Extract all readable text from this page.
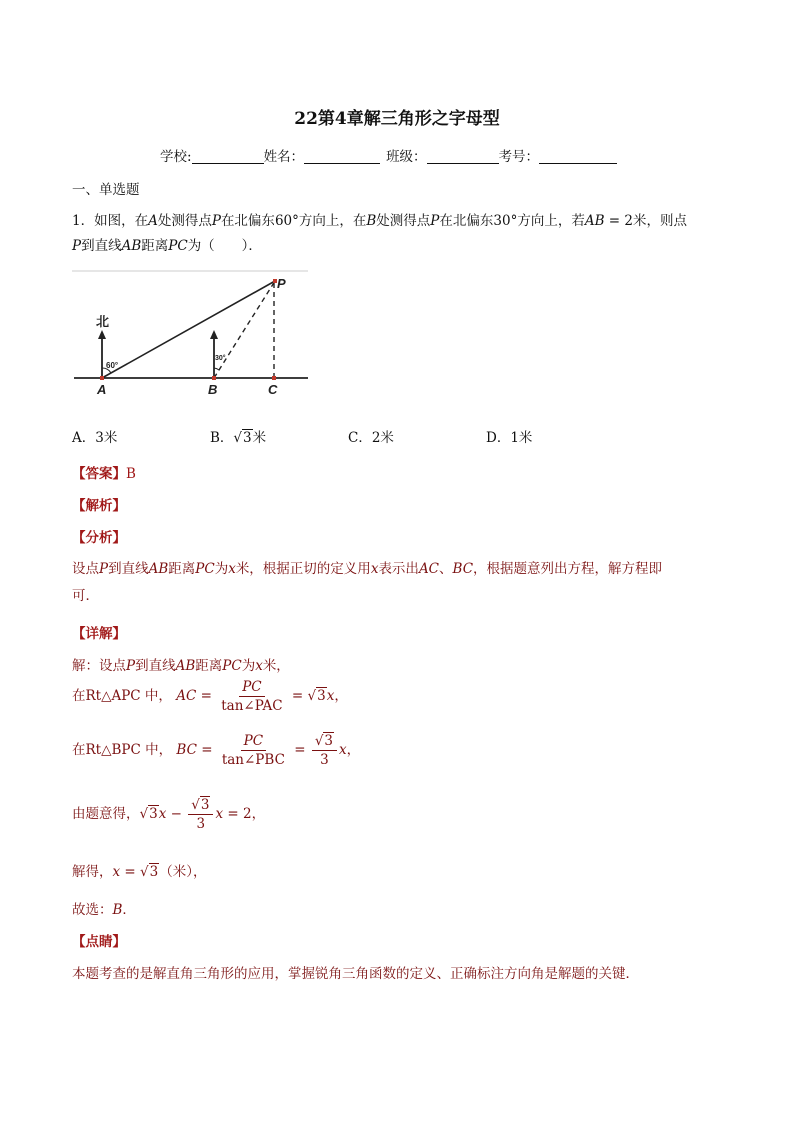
22第4章解三角形之字母型
学校:	姓名：	班级：	考号：
一、单选题
1．如图，在A处测得点P在北偏东60°方向上，在B处测得点P在北偏东30°方向上，若AB = 2米，则点
P到直线AB距离PC为（　　）．
北
60°
30°
A	B	C
P
A．3米	B．√3米	C．2米	D．1米
【答案】B
【解析】
【分析】
设点P到直线AB距离PC为x米，根据正切的定义用x表示出AC、BC，根据题意列出方程，解方程即
可．
【详解】
解：设点P到直线AB距离PC为x米，
在Rt△APC 中， AC = $\frac{PC}{\text{tan∠PAC}} = √3x$，
在Rt△BPC 中， BC = $\frac{PC}{\text{tan∠PBC}} = \frac{√3}{3}$ x，
由题意得，$√3x - \frac{√3}{3}$ x = 2，
解得，x = √3（米），
故选：B．
【点睛】
本题考查的是解直角三角形的应用，掌握锐角三角函数的定义、正确标注方向角是解题的关键．
